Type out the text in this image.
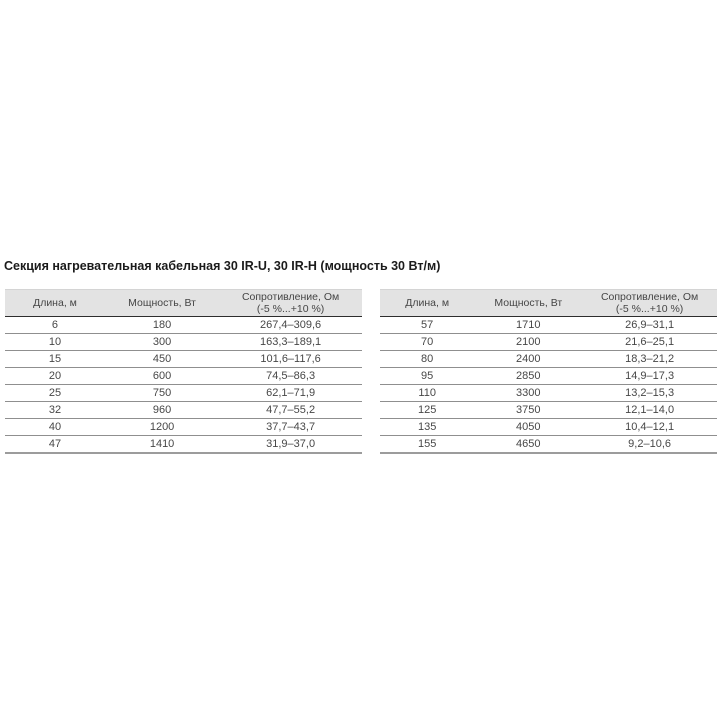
Секция нагревательная кабельная 30 IR-U, 30 IR-H (мощность 30 Вт/м)
Длина, м	Мощность, Вт	Сопротивление, Ом
(-5 %...+10 %)

6	180	267,4–309,6
10	300	163,3–189,1
15	450	101,6–117,6
20	600	74,5–86,3
25	750	62,1–71,9
32	960	47,7–55,2
40	1200	37,7–43,7
47	1410	31,9–37,0
Длина, м	Мощность, Вт	Сопротивление, Ом
(-5 %...+10 %)

57	1710	26,9–31,1
70	2100	21,6–25,1
80	2400	18,3–21,2
95	2850	14,9–17,3
110	3300	13,2–15,3
125	3750	12,1–14,0
135	4050	10,4–12,1
155	4650	9,2–10,6
